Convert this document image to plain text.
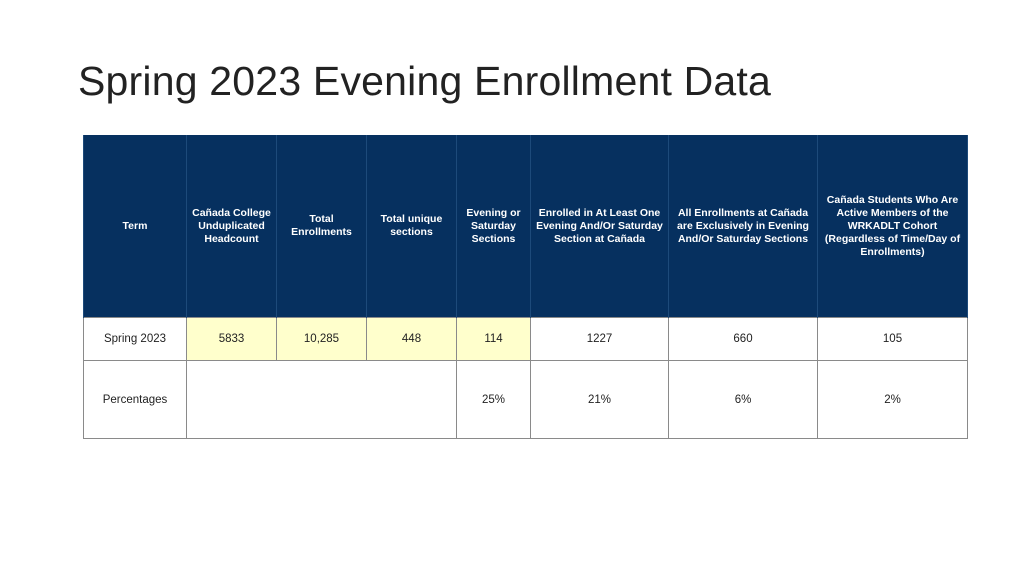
Spring 2023 Evening Enrollment Data
Term	Cañada College Unduplicated Headcount	Total Enrollments	Total unique sections	Evening or Saturday Sections	Enrolled in At Least One Evening And/Or Saturday Section at Cañada	All Enrollments at Cañada are Exclusively in Evening And/Or Saturday Sections	Cañada Students Who Are Active Members of the WRKADLT Cohort (Regardless of Time/Day of Enrollments)
Spring 2023	5833	10,285	448	114	1227	660	105
Percentages				25%	21%	6%	2%
